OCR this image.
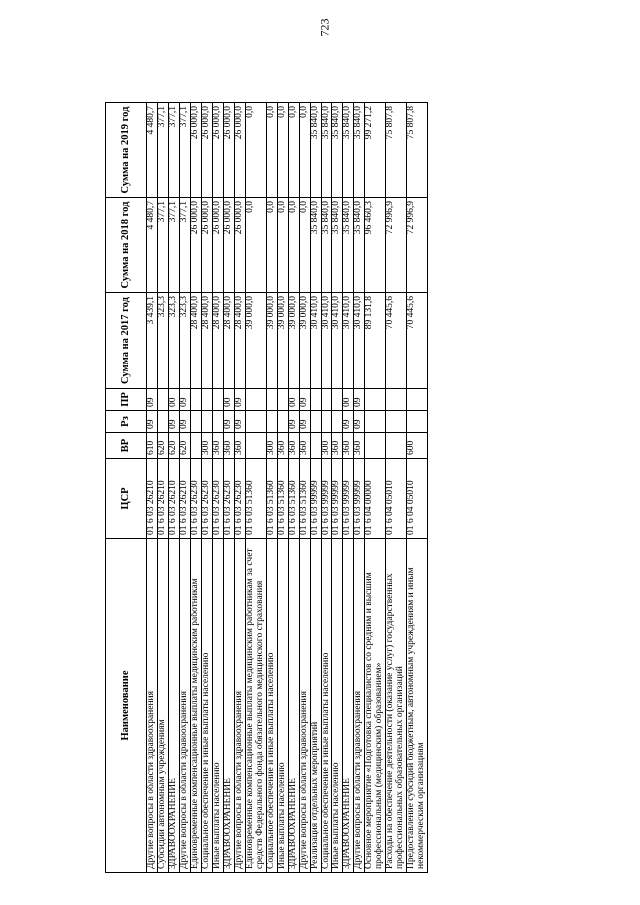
723
Наименование	ЦСР	ВР	Рз	ПР	Сумма на 2017 год	Сумма на 2018 год	Сумма на 2019 год
Другие вопросы в области здравоохранения	01 6 03 26210	610	09	09	3 439,1	4 480,7	4 480,7
Субсидии автономным учреждениям	01 6 03 26210	620			323,3	377,1	377,1
ЗДРАВООХРАНЕНИЕ	01 6 03 26210	620	09	00	323,3	377,1	377,1
Другие вопросы в области здравоохранения	01 6 03 26210	620	09	09	323,3	377,1	377,1
Единовременные компенсационные выплаты медицинским работникам	01 6 03 26230				28 400,0	26 000,0	26 000,0
Социальное обеспечение и иные выплаты населению	01 6 03 26230	300			28 400,0	26 000,0	26 000,0
Иные выплаты населению	01 6 03 26230	360			28 400,0	26 000,0	26 000,0
ЗДРАВООХРАНЕНИЕ	01 6 03 26230	360	09	00	28 400,0	26 000,0	26 000,0
Другие вопросы в области здравоохранения	01 6 03 26230	360	09	09	28 400,0	26 000,0	26 000,0
Единовременные компенсационные выплаты медицинским работникам за счет средств Федерального фонда обязательного медицинского страхования	01 6 03 51360				39 000,0	0,0	0,0
Социальное обеспечение и иные выплаты населению	01 6 03 51360	300			39 000,0	0,0	0,0
Иные выплаты населению	01 6 03 51360	360			39 000,0	0,0	0,0
ЗДРАВООХРАНЕНИЕ	01 6 03 51360	360	09	00	39 000,0	0,0	0,0
Другие вопросы в области здравоохранения	01 6 03 51360	360	09	09	39 000,0	0,0	0,0
Реализация отдельных мероприятий	01 6 03 99999				30 410,0	35 840,0	35 840,0
Социальное обеспечение и иные выплаты населению	01 6 03 99999	300			30 410,0	35 840,0	35 840,0
Иные выплаты населению	01 6 03 99999	360			30 410,0	35 840,0	35 840,0
ЗДРАВООХРАНЕНИЕ	01 6 03 99999	360	09	00	30 410,0	35 840,0	35 840,0
Другие вопросы в области здравоохранения	01 6 03 99999	360	09	09	30 410,0	35 840,0	35 840,0
Основное мероприятие «Подготовка специалистов со средним и высшим профессиональным (медицинским) образованием»	01 6 04 00000				89 131,8	96 460,3	99 271,2
Расходы на обеспечение деятельности (оказание услуг) государственных профессиональных образовательных организаций	01 6 04 05010				70 445,6	72 996,9	75 807,8
Предоставление субсидий бюджетным, автономным учреждениям и иным некоммерческим организациям	01 6 04 05010	600			70 445,6	72 996,9	75 807,8
